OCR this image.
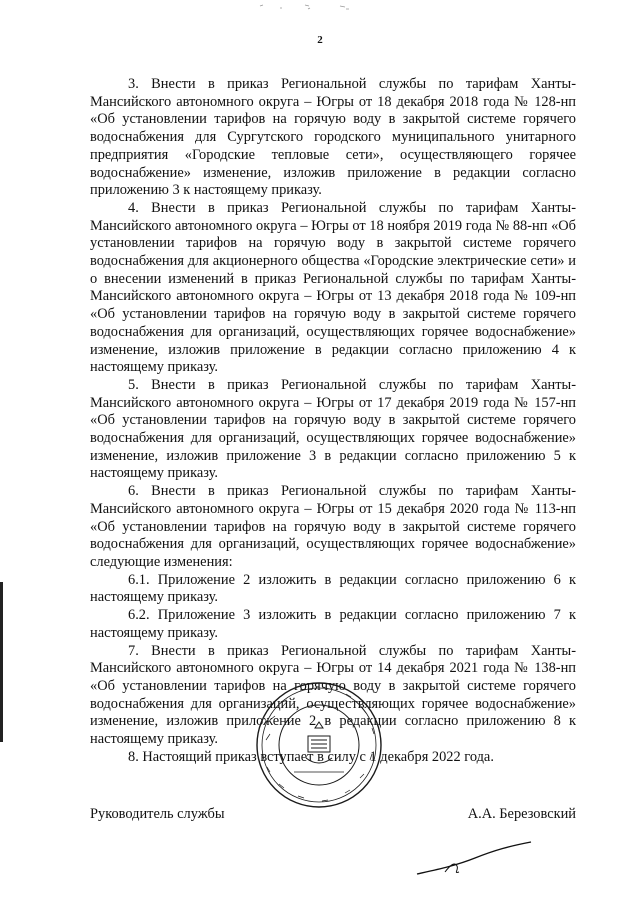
2

3. Внести в приказ Региональной службы по тарифам Ханты-Мансийского автономного округа – Югры от 18 декабря 2018 года № 128-нп «Об установлении тарифов на горячую воду в закрытой системе горячего водоснабжения для Сургутского городского муниципального унитарного предприятия «Городские тепловые сети», осуществляющего горячее водоснабжение» изменение, изложив приложение в редакции согласно приложению 3 к настоящему приказу.

4. Внести в приказ Региональной службы по тарифам Ханты-Мансийского автономного округа – Югры от 18 ноября 2019 года № 88-нп «Об установлении тарифов на горячую воду в закрытой системе горячего водоснабжения для акционерного общества «Городские электрические сети» и о внесении изменений в приказ Региональной службы по тарифам Ханты-Мансийского автономного округа – Югры от 13 декабря 2018 года № 109-нп «Об установлении тарифов на горячую воду в закрытой системе горячего водоснабжения для организаций, осуществляющих горячее водоснабжение» изменение, изложив приложение в редакции согласно приложению 4 к настоящему приказу.

5. Внести в приказ Региональной службы по тарифам Ханты-Мансийского автономного округа – Югры от 17 декабря 2019 года № 157-нп «Об установлении тарифов на горячую воду в закрытой системе горячего водоснабжения для организаций, осуществляющих горячее водоснабжение» изменение, изложив приложение 3 в редакции согласно приложению 5 к настоящему приказу.

6. Внести в приказ Региональной службы по тарифам Ханты-Мансийского автономного округа – Югры от 15 декабря 2020 года № 113-нп «Об установлении тарифов на горячую воду в закрытой системе горячего водоснабжения для организаций, осуществляющих горячее водоснабжение» следующие изменения:

6.1. Приложение 2 изложить в редакции согласно приложению 6 к настоящему приказу.

6.2. Приложение 3 изложить в редакции согласно приложению 7 к настоящему приказу.

7. Внести в приказ Региональной службы по тарифам Ханты-Мансийского автономного округа – Югры от 14 декабря 2021 года № 138-нп «Об установлении тарифов на горячую воду в закрытой системе горячего водоснабжения для организаций, осуществляющих горячее водоснабжение» изменение, изложив приложение 2 в редакции согласно приложению 8 к настоящему приказу.

8. Настоящий приказ вступает в силу с 1 декабря 2022 года.

Руководитель службы	А.А. Березовский
